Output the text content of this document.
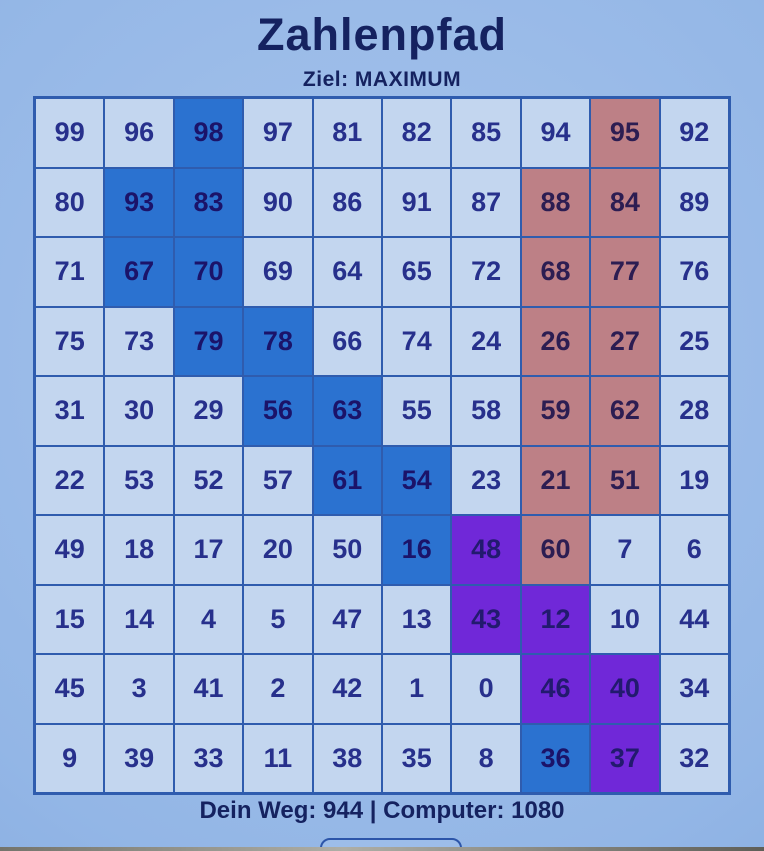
Zahlenpfad
Ziel: MAXIMUM
99	96	98	97	81	82	85	94	95	92
80	93	83	90	86	91	87	88	84	89
71	67	70	69	64	65	72	68	77	76
75	73	79	78	66	74	24	26	27	25
31	30	29	56	63	55	58	59	62	28
22	53	52	57	61	54	23	21	51	19
49	18	17	20	50	16	48	60	7	6
15	14	4	5	47	13	43	12	10	44
45	3	41	2	42	1	0	46	40	34
9	39	33	11	38	35	8	36	37	32
Dein Weg: 944 | Computer: 1080
